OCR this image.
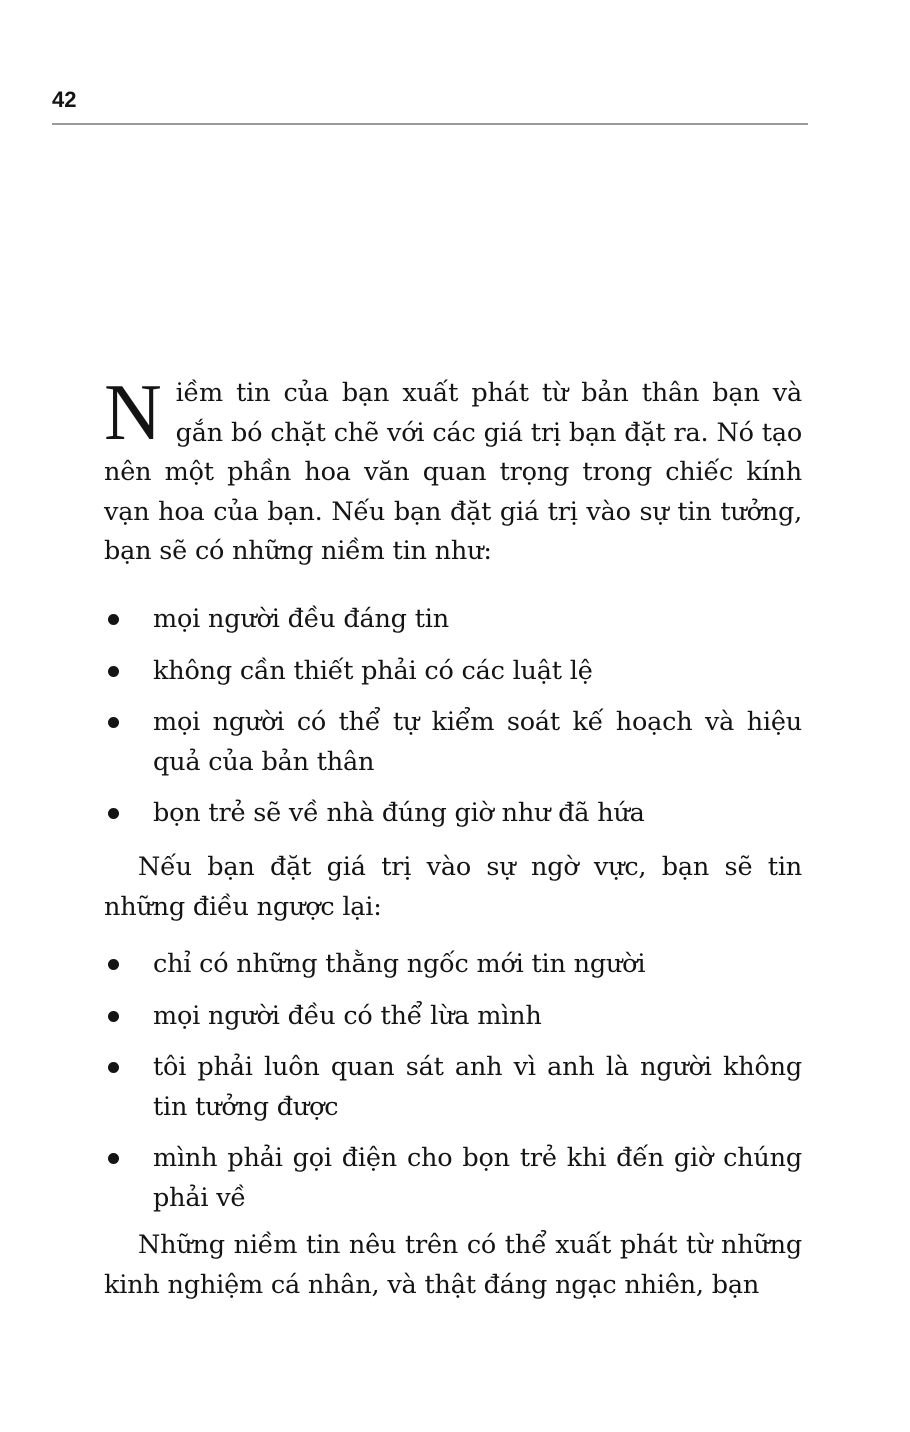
42

Niềm tin của bạn xuất phát từ bản thân bạn và gắn bó chặt chẽ với các giá trị bạn đặt ra. Nó tạo nên một phần hoa văn quan trọng trong chiếc kính vạn hoa của bạn. Nếu bạn đặt giá trị vào sự tin tưởng, bạn sẽ có những niềm tin như:

mọi người đều đáng tin
không cần thiết phải có các luật lệ
mọi người có thể tự kiểm soát kế hoạch và hiệu quả của bản thân
bọn trẻ sẽ về nhà đúng giờ như đã hứa

Nếu bạn đặt giá trị vào sự ngờ vực, bạn sẽ tin những điều ngược lại:

chỉ có những thằng ngốc mới tin người
mọi người đều có thể lừa mình
tôi phải luôn quan sát anh vì anh là người không tin tưởng được
mình phải gọi điện cho bọn trẻ khi đến giờ chúng phải về

Những niềm tin nêu trên có thể xuất phát từ những kinh nghiệm cá nhân, và thật đáng ngạc nhiên, bạn
